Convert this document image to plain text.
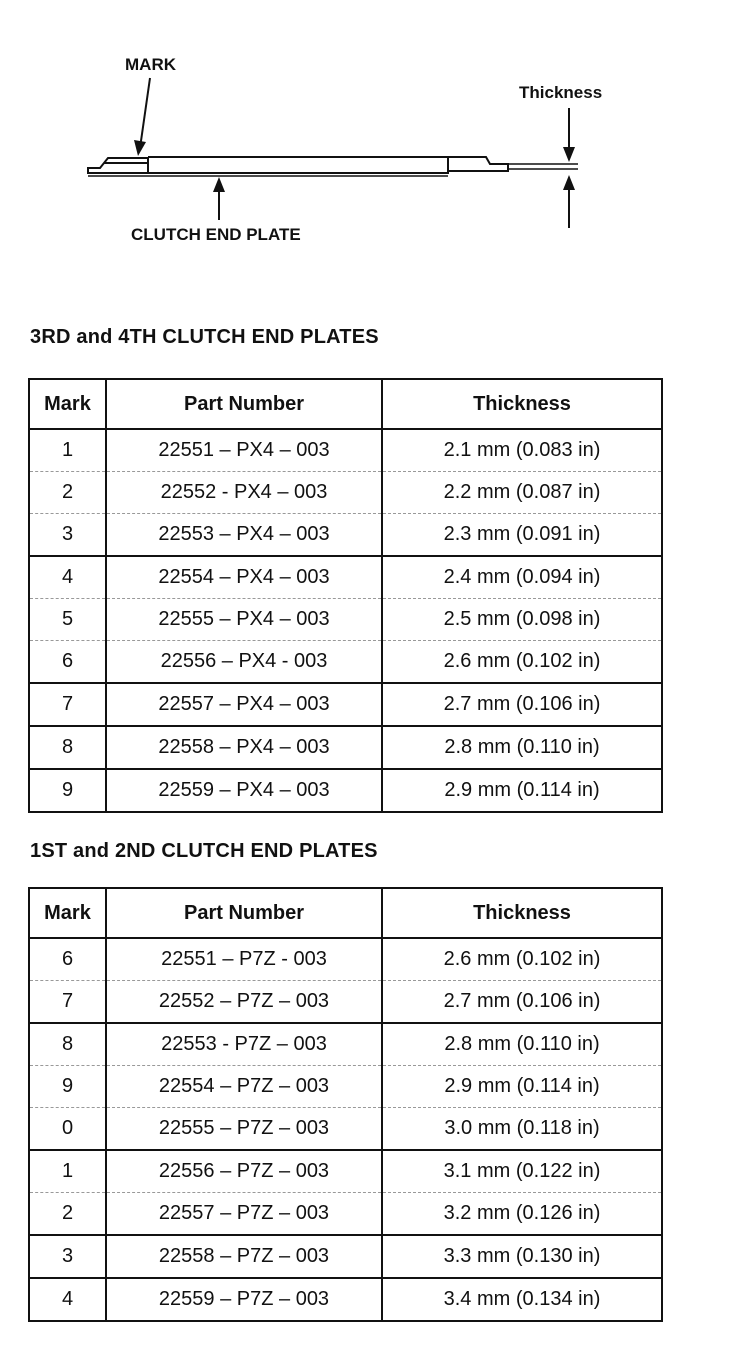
MARK
Thickness
CLUTCH END PLATE
3RD and 4TH CLUTCH END PLATES
Mark	Part Number	Thickness
1	22551 – PX4 – 003	2.1 mm (0.083 in)
2	22552 - PX4 – 003	2.2 mm (0.087 in)
3	22553 – PX4 – 003	2.3 mm (0.091 in)
4	22554 – PX4 – 003	2.4 mm (0.094 in)
5	22555 – PX4 – 003	2.5 mm (0.098 in)
6	22556 – PX4 - 003	2.6 mm (0.102 in)
7	22557 – PX4 – 003	2.7 mm (0.106 in)
8	22558 – PX4 – 003	2.8 mm (0.110 in)
9	22559 – PX4 – 003	2.9 mm (0.114 in)
1ST and 2ND CLUTCH END PLATES
Mark	Part Number	Thickness
6	22551 – P7Z - 003	2.6 mm (0.102 in)
7	22552 – P7Z – 003	2.7 mm (0.106 in)
8	22553 - P7Z – 003	2.8 mm (0.110 in)
9	22554 – P7Z – 003	2.9 mm (0.114 in)
0	22555 – P7Z – 003	3.0 mm (0.118 in)
1	22556 – P7Z – 003	3.1 mm (0.122 in)
2	22557 – P7Z – 003	3.2 mm (0.126 in)
3	22558 – P7Z – 003	3.3 mm (0.130 in)
4	22559 – P7Z – 003	3.4 mm (0.134 in)
